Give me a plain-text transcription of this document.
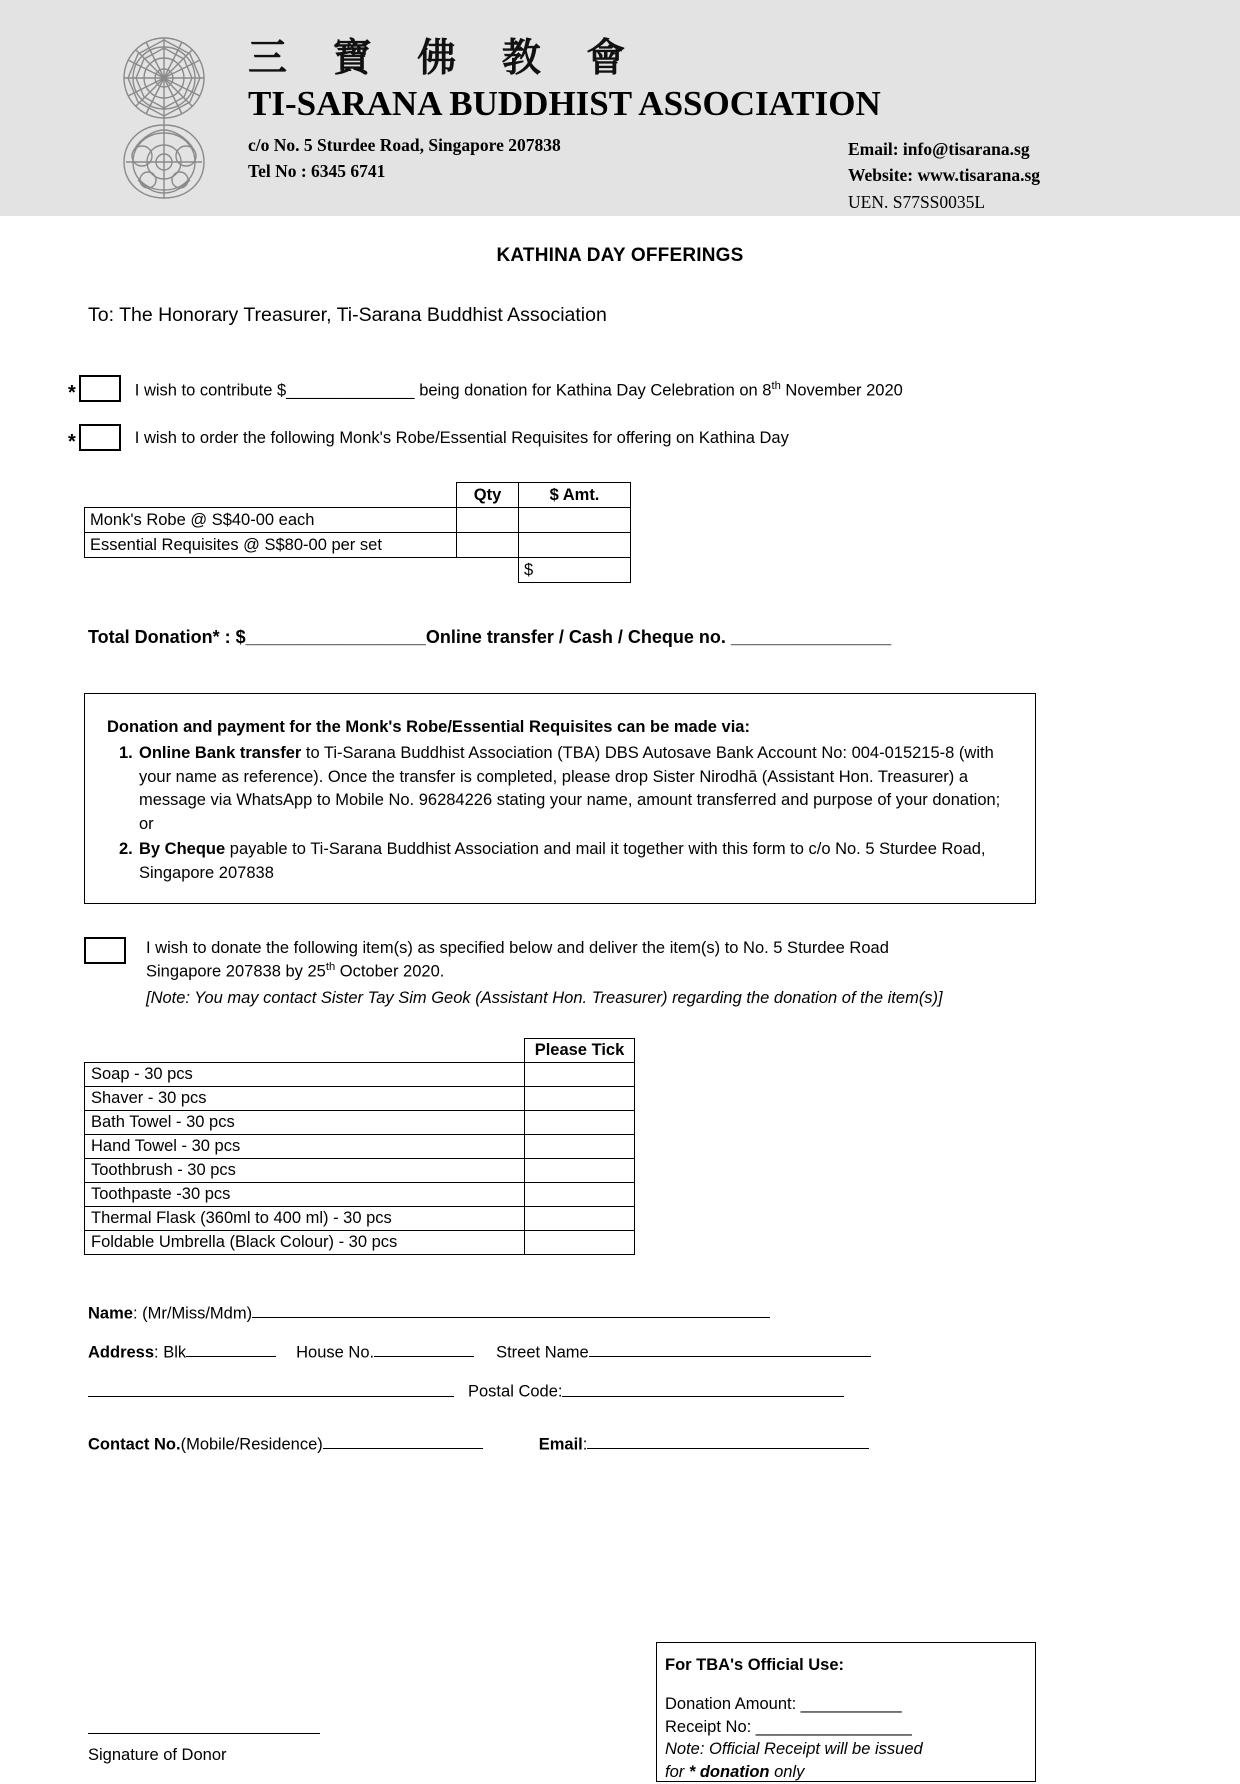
三 寶 佛 教 會
TI-SARANA BUDDHIST ASSOCIATION
c/o No. 5 Sturdee Road, Singapore 207838
Tel No : 6345 6741
Email: info@tisarana.sg
Website: www.tisarana.sg
UEN. S77SS0035L
KATHINA DAY OFFERINGS
To: The Honorary Treasurer, Ti-Sarana Buddhist Association
*	I wish to contribute $______________ being donation for Kathina Day Celebration on 8th November 2020
*	I wish to order the following Monk's Robe/Essential Requisites for offering on Kathina Day
	Qty	$ Amt.
Monk's Robe @ S$40-00 each		
Essential Requisites @ S$80-00 per set		
		$
Total Donation* : $__________________Online transfer / Cash / Cheque no. ________________
Donation and payment for the Monk's Robe/Essential Requisites can be made via:
1. Online Bank transfer to Ti-Sarana Buddhist Association (TBA) DBS Autosave Bank Account No: 004-015215-8 (with your name as reference). Once the transfer is completed, please drop Sister Nirodhā (Assistant Hon. Treasurer) a message via WhatsApp to Mobile No. 96284226 stating your name, amount transferred and purpose of your donation; or
2. By Cheque payable to Ti-Sarana Buddhist Association and mail it together with this form to c/o No. 5 Sturdee Road, Singapore 207838
I wish to donate the following item(s) as specified below and deliver the item(s) to No. 5 Sturdee Road
Singapore 207838 by 25th October 2020.
[Note: You may contact Sister Tay Sim Geok (Assistant Hon. Treasurer) regarding the donation of the item(s)]
	Please Tick
Soap - 30 pcs	
Shaver - 30 pcs	
Bath Towel - 30 pcs	
Hand Towel - 30 pcs	
Toothbrush - 30 pcs	
Toothpaste -30 pcs	
Thermal Flask (360ml to 400 ml) - 30 pcs	
Foldable Umbrella (Black Colour) - 30 pcs	
Name: (Mr/Miss/Mdm)
Address: Blk	House No.	Street Name
Postal Code:
Contact No.(Mobile/Residence)	Email:
For TBA's Official Use:
Donation Amount: ___________
Receipt No: _________________
Note: Official Receipt will be issued
for * donation only
Signature of Donor
